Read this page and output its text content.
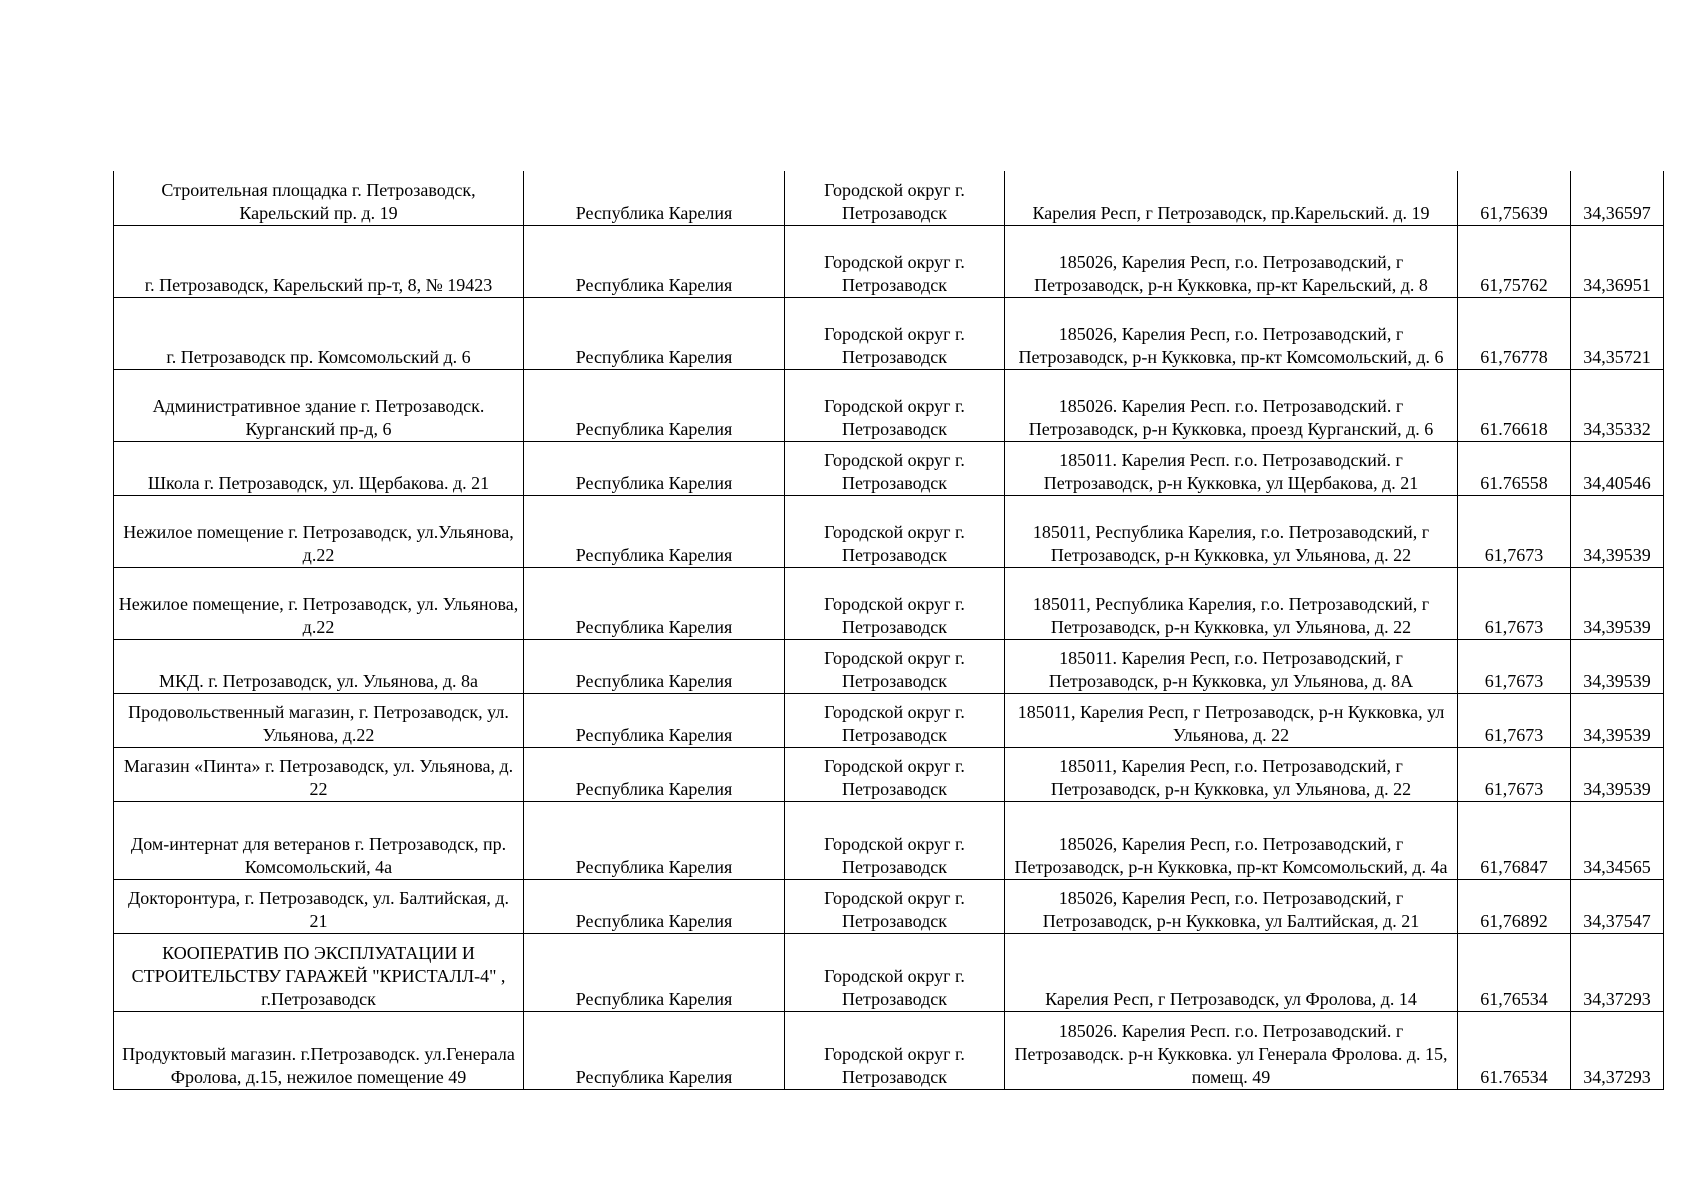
Строительная площадка г. Петрозаводск, Карельский пр. д. 19	Республика Карелия	Городской округ г. Петрозаводск	Карелия Респ, г Петрозаводск, пр.Карельский. д. 19	61,75639	34,36597
г. Петрозаводск, Карельский пр-т, 8, № 19423	Республика Карелия	Городской округ г. Петрозаводск	185026, Карелия Респ, г.о. Петрозаводский, г Петрозаводск, р-н Кукковка, пр-кт Карельский, д. 8	61,75762	34,36951
г. Петрозаводск пр. Комсомольский д. 6	Республика Карелия	Городской округ г. Петрозаводск	185026, Карелия Респ, г.о. Петрозаводский, г Петрозаводск, р-н Кукковка, пр-кт Комсомольский, д. 6	61,76778	34,35721
Административное здание г. Петрозаводск. Курганский пр-д, 6	Республика Карелия	Городской округ г. Петрозаводск	185026. Карелия Респ. г.о. Петрозаводский. г Петрозаводск, р-н Кукковка, проезд Курганский, д. 6	61.76618	34,35332
Школа г. Петрозаводск, ул. Щербакова. д. 21	Республика Карелия	Городской округ г. Петрозаводск	185011. Карелия Респ. г.о. Петрозаводский. г Петрозаводск, р-н Кукковка, ул Щербакова, д. 21	61.76558	34,40546
Нежилое помещение г. Петрозаводск, ул.Ульянова, д.22	Республика Карелия	Городской округ г. Петрозаводск	185011, Республика Карелия, г.о. Петрозаводский, г Петрозаводск, р-н Кукковка, ул Ульянова, д. 22	61,7673	34,39539
Нежилое помещение, г. Петрозаводск, ул. Ульянова, д.22	Республика Карелия	Городской округ г. Петрозаводск	185011, Республика Карелия, г.о. Петрозаводский, г Петрозаводск, р-н Кукковка, ул Ульянова, д. 22	61,7673	34,39539
МКД. г. Петрозаводск, ул. Ульянова, д. 8а	Республика Карелия	Городской округ г. Петрозаводск	185011. Карелия Респ, г.о. Петрозаводский, г Петрозаводск, р-н Кукковка, ул Ульянова, д. 8А	61,7673	34,39539
Продовольственный магазин, г. Петрозаводск, ул. Ульянова, д.22	Республика Карелия	Городской округ г. Петрозаводск	185011, Карелия Респ, г Петрозаводск, р-н Кукковка, ул Ульянова, д. 22	61,7673	34,39539
Магазин «Пинта» г. Петрозаводск, ул. Ульянова, д. 22	Республика Карелия	Городской округ г. Петрозаводск	185011, Карелия Респ, г.о. Петрозаводский, г Петрозаводск, р-н Кукковка, ул Ульянова, д. 22	61,7673	34,39539
Дом-интернат для ветеранов г. Петрозаводск, пр. Комсомольский, 4а	Республика Карелия	Городской округ г. Петрозаводск	185026, Карелия Респ, г.о. Петрозаводский, г Петрозаводск, р-н Кукковка, пр-кт Комсомольский, д. 4а	61,76847	34,34565
Докторонтура, г. Петрозаводск, ул. Балтийская, д. 21	Республика Карелия	Городской округ г. Петрозаводск	185026, Карелия Респ, г.о. Петрозаводский, г Петрозаводск, р-н Кукковка, ул Балтийская, д. 21	61,76892	34,37547
КООПЕРАТИВ ПО ЭКСПЛУАТАЦИИ И СТРОИТЕЛЬСТВУ ГАРАЖЕЙ "КРИСТАЛЛ-4" , г.Петрозаводск	Республика Карелия	Городской округ г. Петрозаводск	Карелия Респ, г Петрозаводск, ул Фролова, д. 14	61,76534	34,37293
Продуктовый магазин. г.Петрозаводск. ул.Генерала Фролова, д.15, нежилое помещение 49	Республика Карелия	Городской округ г. Петрозаводск	185026. Карелия Респ. г.о. Петрозаводский. г Петрозаводск. р-н Кукковка. ул Генерала Фролова. д. 15, помещ. 49	61.76534	34,37293
